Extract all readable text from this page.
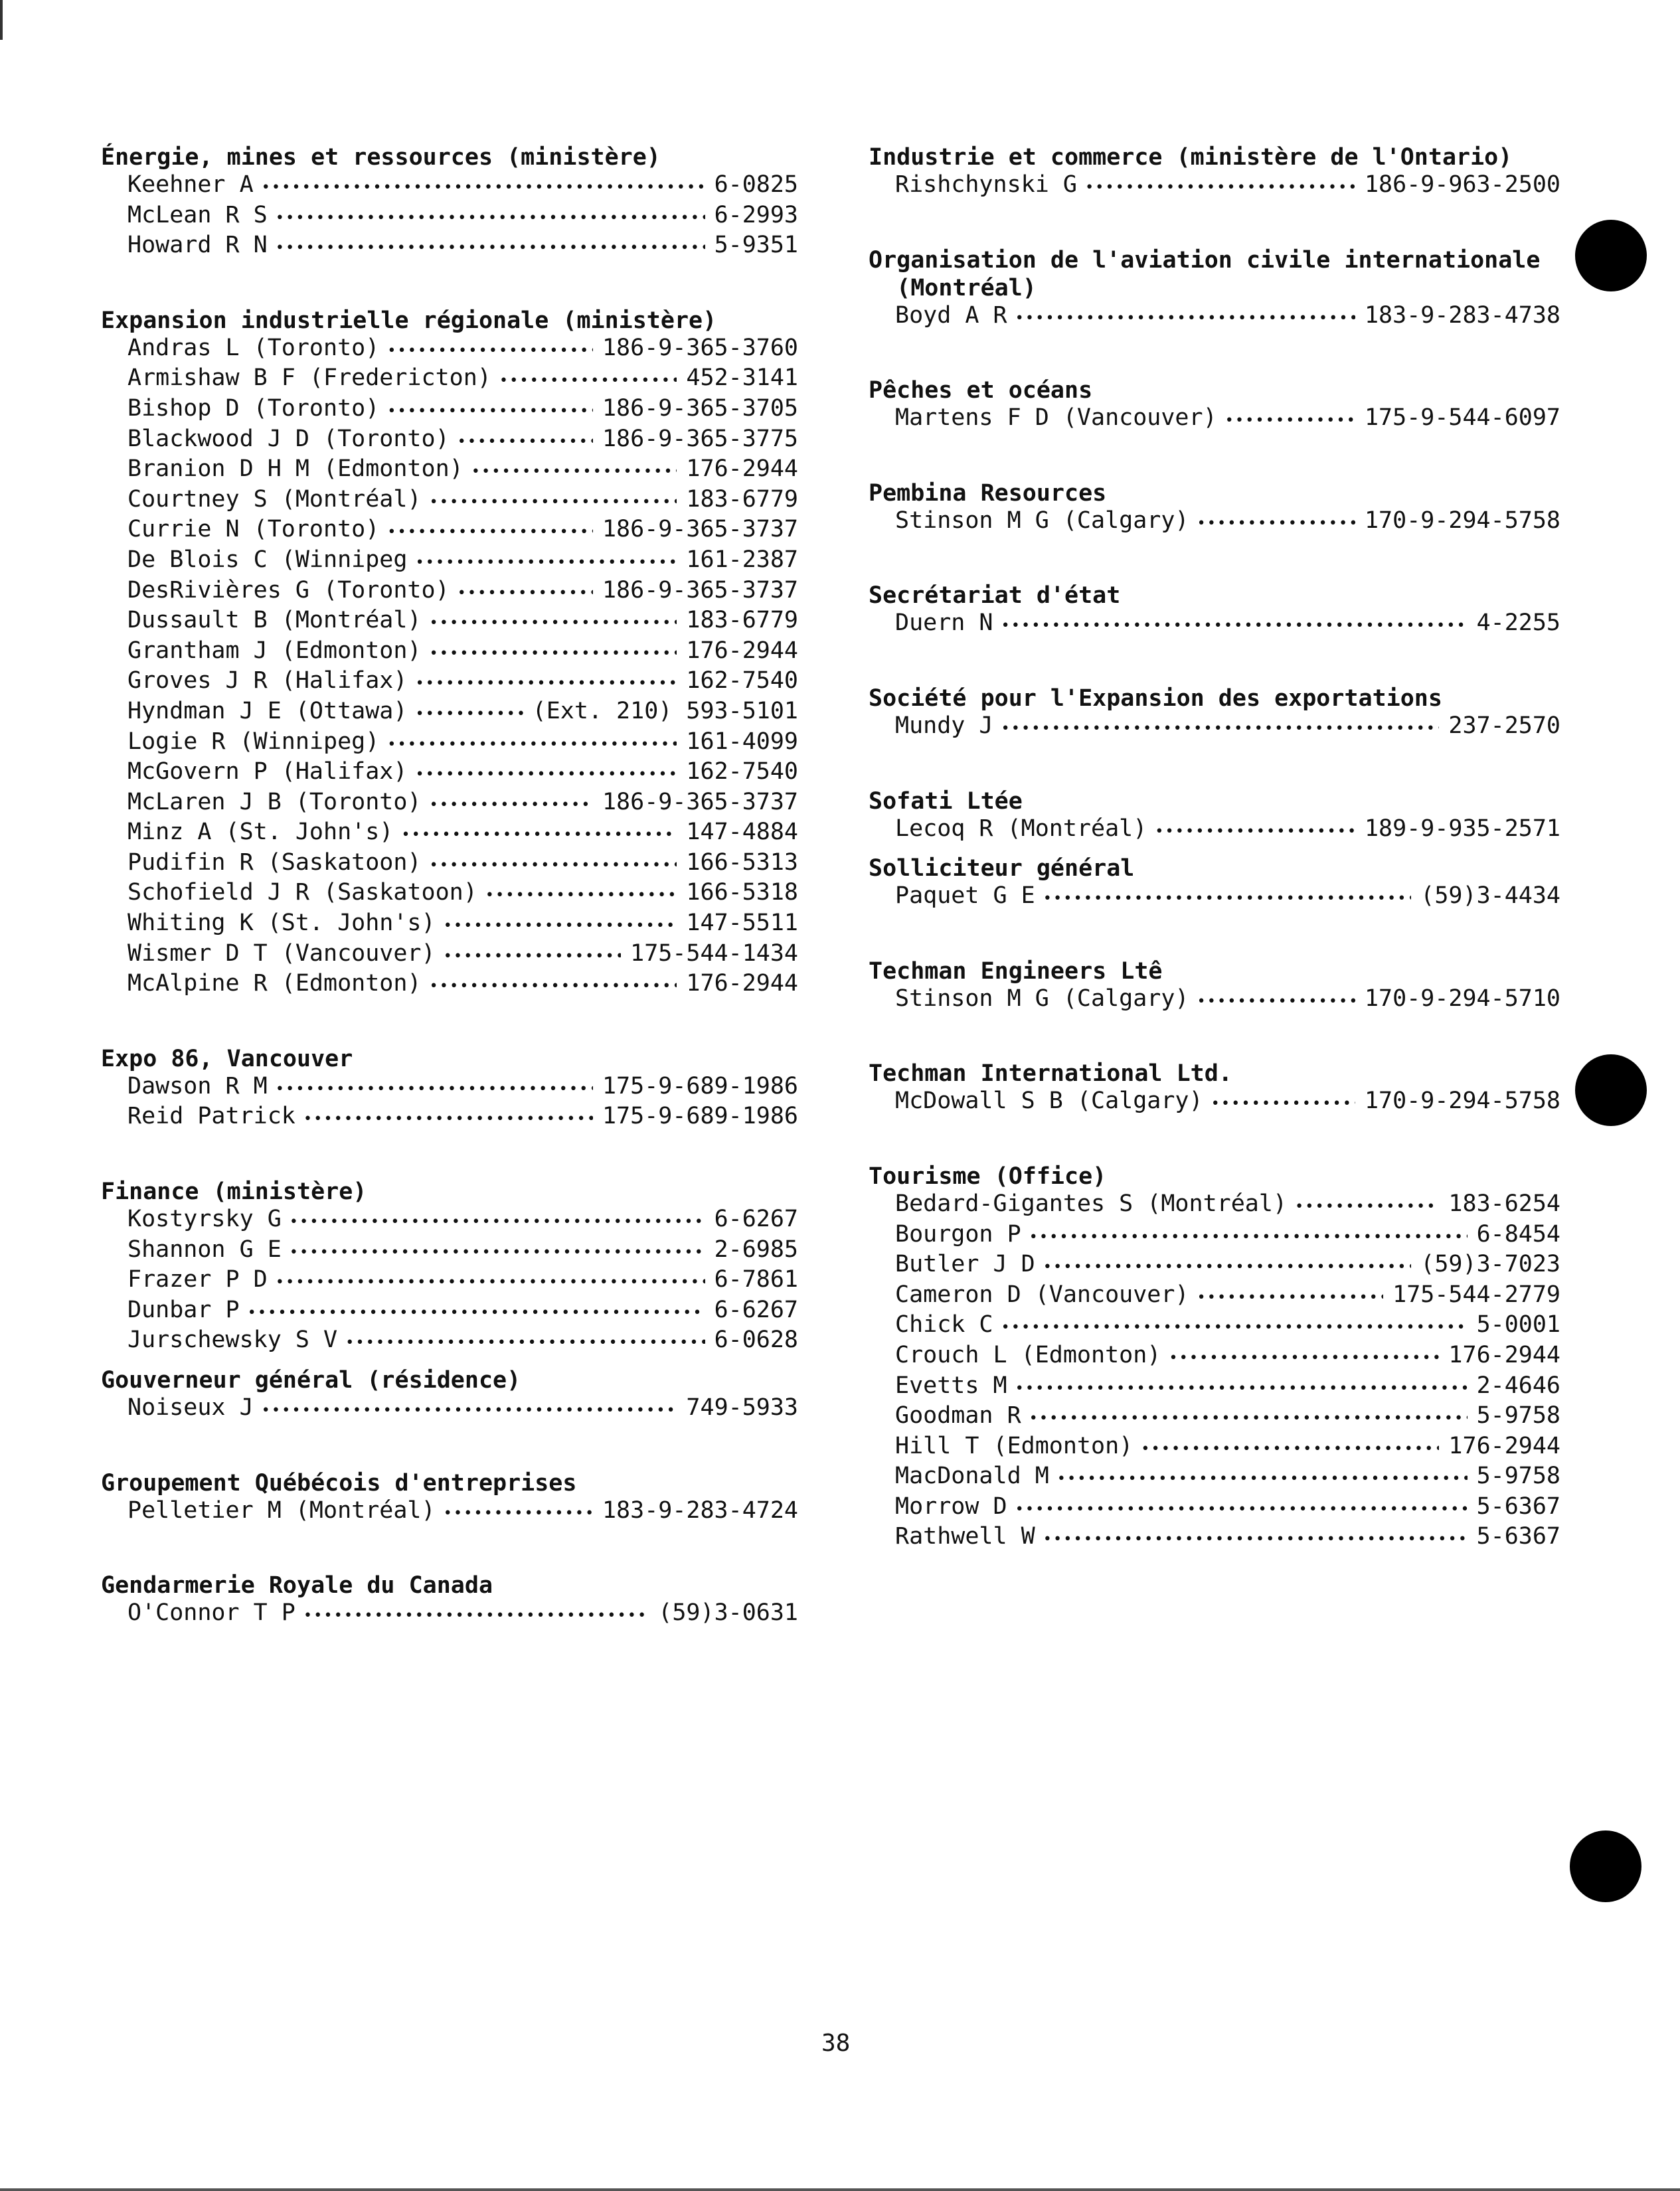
Énergie, mines et ressources (ministère)
Keehner A •••••	6-0825
McLean R S •••••	6-2993
Howard R N •••••	5-9351
Expansion industrielle régionale (ministère)
Andras L (Toronto) •••••	186-9-365-3760
Armishaw B F (Fredericton) •••••	452-3141
Bishop D (Toronto) •••••	186-9-365-3705
Blackwood J D (Toronto) •••••	186-9-365-3775
Branion D H M (Edmonton) •••••	176-2944
Courtney S (Montréal) •••••	183-6779
Currie N (Toronto) •••••	186-9-365-3737
De Blois C (Winnipeg •••••	161-2387
DesRivières G (Toronto) •••••	186-9-365-3737
Dussault B (Montréal) •••••	183-6779
Grantham J (Edmonton) •••••	176-2944
Groves J R (Halifax) •••••	162-7540
Hyndman J E (Ottawa) •••••	(Ext. 210) 593-5101
Logie R (Winnipeg) •••••	161-4099
McGovern P (Halifax) •••••	162-7540
McLaren J B (Toronto) •••••	186-9-365-3737
Minz A (St. John's) •••••	147-4884
Pudifin R (Saskatoon) •••••	166-5313
Schofield J R (Saskatoon) •••••	166-5318
Whiting K (St. John's) •••••	147-5511
Wismer D T (Vancouver) •••••	175-544-1434
McAlpine R (Edmonton) •••••	176-2944
Expo 86, Vancouver
Dawson R M •••••	175-9-689-1986
Reid Patrick •••••	175-9-689-1986
Finance (ministère)
Kostyrsky G •••••	6-6267
Shannon G E •••••	2-6985
Frazer P D •••••	6-7861
Dunbar P •••••	6-6267
Jurschewsky S V •••••	6-0628
Gouverneur général (résidence)
Noiseux J •••••	749-5933
Groupement Québécois d'entreprises
Pelletier M (Montréal) •••••	183-9-283-4724
Gendarmerie Royale du Canada
O'Connor T P •••••	(59)3-0631
Industrie et commerce (ministère de l'Ontario)
Rishchynski G •••••	186-9-963-2500
Organisation de l'aviation civile internationale
(Montréal)
Boyd A R •••••	183-9-283-4738
Pêches et océans
Martens F D (Vancouver) •••••	175-9-544-6097
Pembina Resources
Stinson M G (Calgary) •••••	170-9-294-5758
Secrétariat d'état
Duern N •••••	4-2255
Société pour l'Expansion des exportations
Mundy J •••••	237-2570
Sofati Ltée
Lecoq R (Montréal) •••••	189-9-935-2571
Solliciteur général
Paquet G E •••••	(59)3-4434
Techman Engineers Ltê
Stinson M G (Calgary) •••••	170-9-294-5710
Techman International Ltd.
McDowall S B (Calgary) •••••	170-9-294-5758
Tourisme (Office)
Bedard-Gigantes S (Montréal) •••••	183-6254
Bourgon P •••••	6-8454
Butler J D •••••	(59)3-7023
Cameron D (Vancouver) •••••	175-544-2779
Chick C •••••	5-0001
Crouch L (Edmonton) •••••	176-2944
Evetts M •••••	2-4646
Goodman R •••••	5-9758
Hill T (Edmonton) •••••	176-2944
MacDonald M •••••	5-9758
Morrow D •••••	5-6367
Rathwell W •••••	5-6367
38
